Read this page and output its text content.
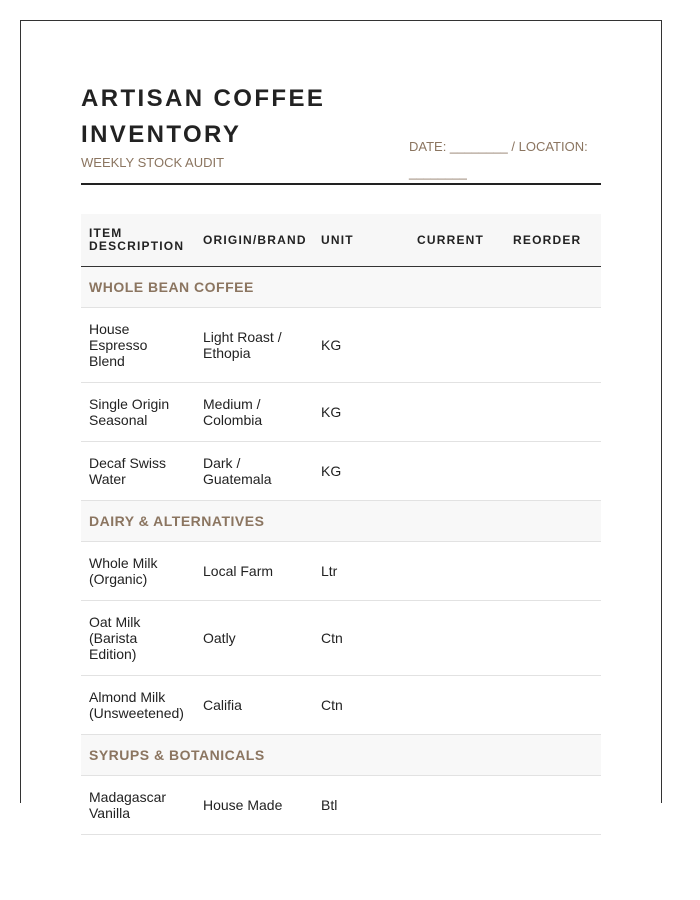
ARTISAN COFFEE INVENTORY
WEEKLY STOCK AUDIT
DATE: ________ / LOCATION: ________
ITEM DESCRIPTION	ORIGIN/BRAND	UNIT	CURRENT	REORDER
WHOLE BEAN COFFEE				
House Espresso Blend	Light Roast / Ethopia	KG		
Single Origin Seasonal	Medium / Colombia	KG		
Decaf Swiss Water	Dark / Guatemala	KG		
DAIRY & ALTERNATIVES				
Whole Milk (Organic)	Local Farm	Ltr		
Oat Milk (Barista Edition)	Oatly	Ctn		
Almond Milk (Unsweetened)	Califia	Ctn		
SYRUPS & BOTANICALS				
Madagascar Vanilla	House Made	Btl		
